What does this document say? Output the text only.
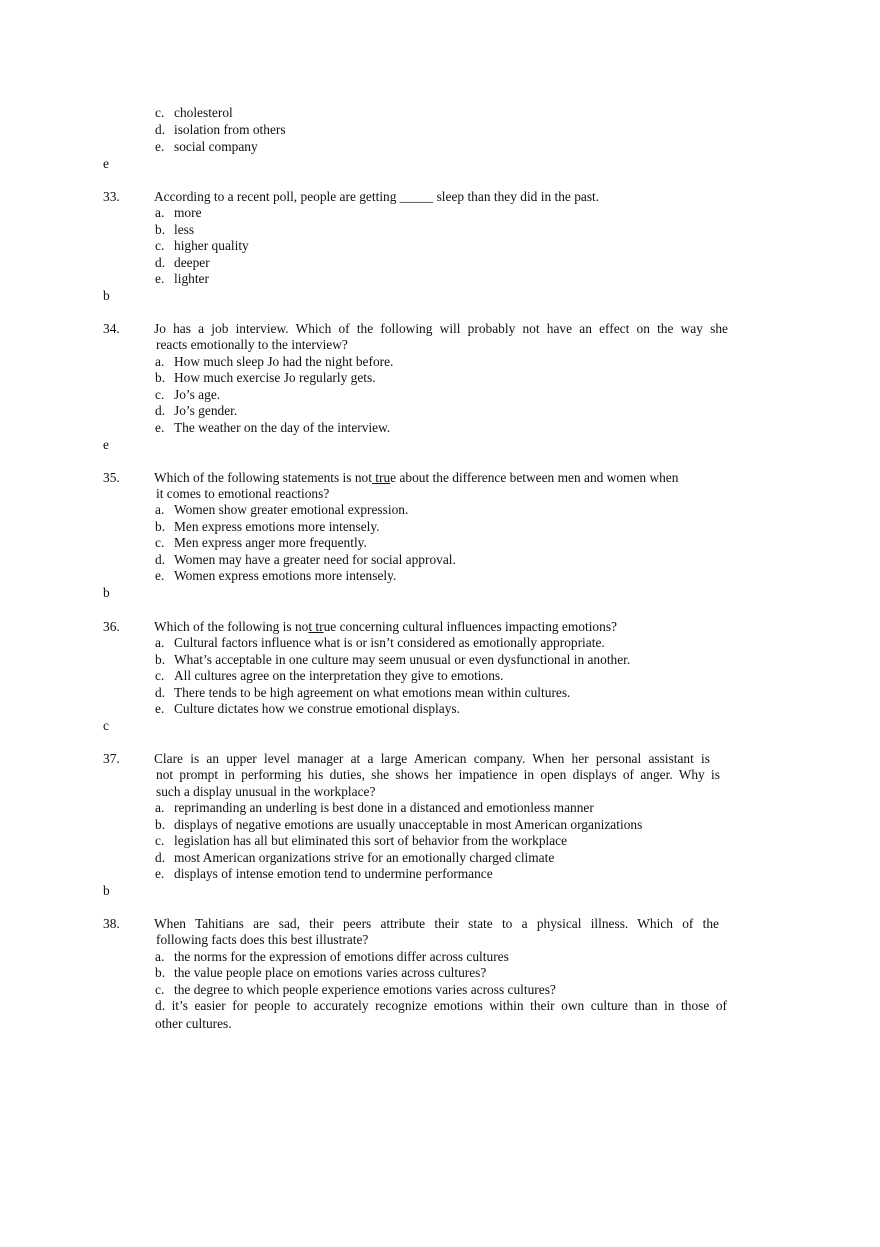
c. cholesterol
d. isolation from others
e. social company
e
33.	According to a recent poll, people are getting _____ sleep than they did in the past.
a. more
b. less
c. higher quality
d. deeper
e. lighter
b
34.	Jo has a job interview. Which of the following will probably not have an effect on the way she
reacts emotionally to the interview?
a. How much sleep Jo had the night before.
b. How much exercise Jo regularly gets.
c. Jo’s age.
d. Jo’s gender.
e. The weather on the day of the interview.
e
35.	Which of the following statements is not true about the difference between men and women when
it comes to emotional reactions?
a. Women show greater emotional expression.
b. Men express emotions more intensely.
c. Men express anger more frequently.
d. Women may have a greater need for social approval.
e. Women express emotions more intensely.
b
36.	Which of the following is not true concerning cultural influences impacting emotions?
a. Cultural factors influence what is or isn’t considered as emotionally appropriate.
b. What’s acceptable in one culture may seem unusual or even dysfunctional in another.
c. All cultures agree on the interpretation they give to emotions.
d. There tends to be high agreement on what emotions mean within cultures.
e. Culture dictates how we construe emotional displays.
c
37.	Clare is an upper level manager at a large American company. When her personal assistant is
not prompt in performing his duties, she shows her impatience in open displays of anger. Why is
such a display unusual in the workplace?
a. reprimanding an underling is best done in a distanced and emotionless manner
b. displays of negative emotions are usually unacceptable in most American organizations
c. legislation has all but eliminated this sort of behavior from the workplace
d. most American organizations strive for an emotionally charged climate
e. displays of intense emotion tend to undermine performance
b
38.	When Tahitians are sad, their peers attribute their state to a physical illness. Which of the
following facts does this best illustrate?
a. the norms for the expression of emotions differ across cultures
b. the value people place on emotions varies across cultures?
c. the degree to which people experience emotions varies across cultures?
d. it’s easier for people to accurately recognize emotions within their own culture than in those of
other cultures.
